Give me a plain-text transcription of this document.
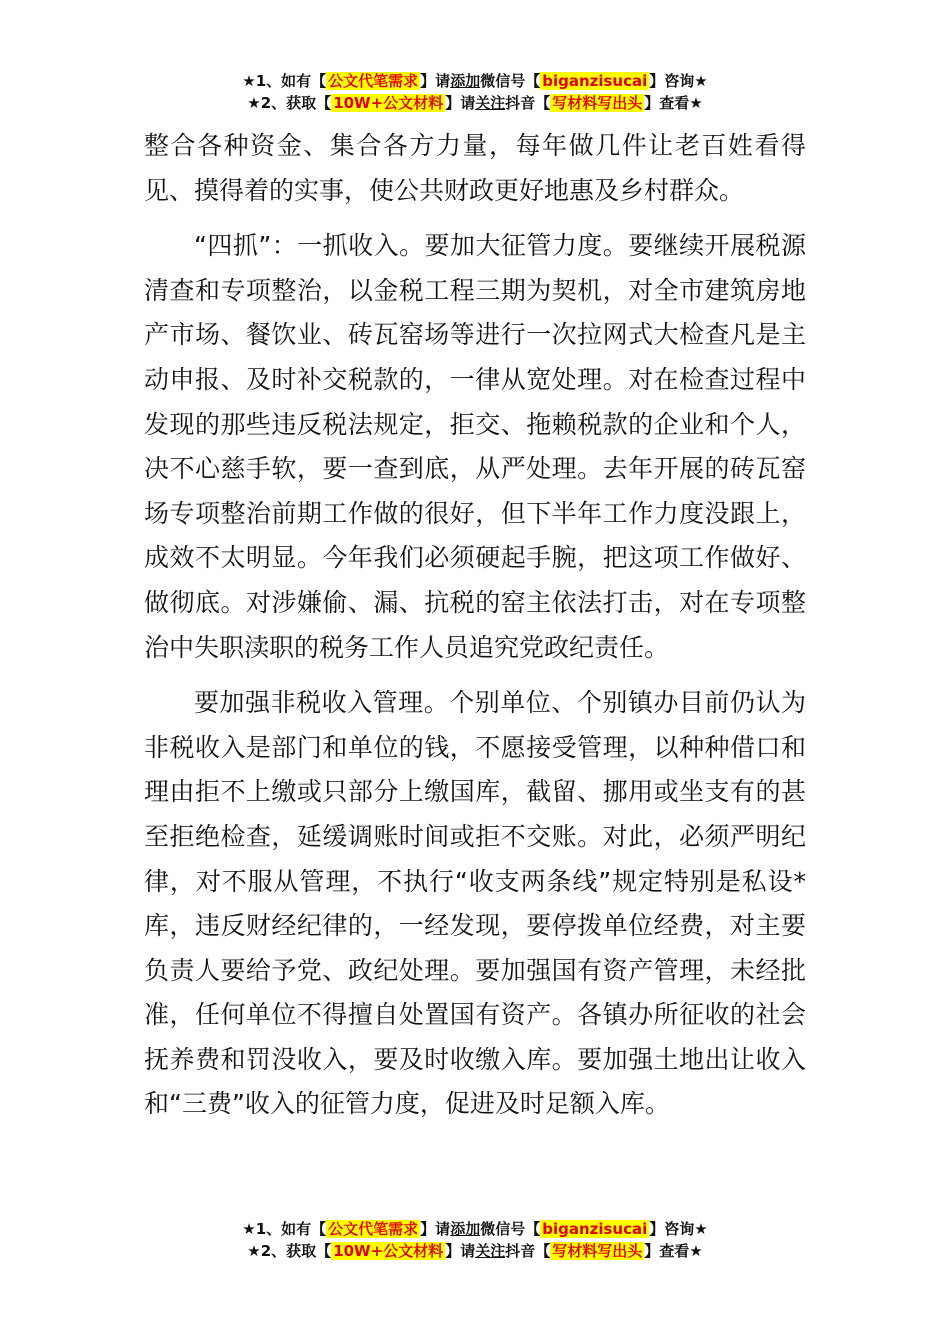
★1、如有【 公文代笔需求 】请添加微信号【 biganzisucai 】咨询★
★2、获取【 10W+公文材料 】请关注抖音【 写材料写出头 】查看★

整合各种资金、集合各方力量，每年做几件让老百姓看得见、摸得着的实事，使公共财政更好地惠及乡村群众。

“四抓”：一抓收入。要加大征管力度。要继续开展税源清查和专项整治，以金税工程三期为契机，对全市建筑房地产市场、餐饮业、砖瓦窑场等进行一次拉网式大检查凡是主动申报、及时补交税款的，一律从宽处理。对在检查过程中发现的那些违反税法规定，拒交、拖赖税款的企业和个人，决不心慈手软，要一查到底，从严处理。去年开展的砖瓦窑场专项整治前期工作做的很好，但下半年工作力度没跟上，成效不太明显。今年我们必须硬起手腕，把这项工作做好、做彻底。对涉嫌偷、漏、抗税的窑主依法打击，对在专项整治中失职渎职的税务工作人员追究党政纪责任。

要加强非税收入管理。个别单位、个别镇办目前仍认为非税收入是部门和单位的钱，不愿接受管理，以种种借口和理由拒不上缴或只部分上缴国库，截留、挪用或坐支有的甚至拒绝检查，延缓调账时间或拒不交账。对此，必须严明纪律，对不服从管理，不执行“收支两条线”规定特别是私设*库，违反财经纪律的，一经发现，要停拨单位经费，对主要负责人要给予党、政纪处理。要加强国有资产管理，未经批准，任何单位不得擅自处置国有资产。各镇办所征收的社会抚养费和罚没收入，要及时收缴入库。要加强土地出让收入和“三费”收入的征管力度，促进及时足额入库。

★1、如有【 公文代笔需求 】请添加微信号【 biganzisucai 】咨询★
★2、获取【 10W+公文材料 】请关注抖音【 写材料写出头 】查看★
